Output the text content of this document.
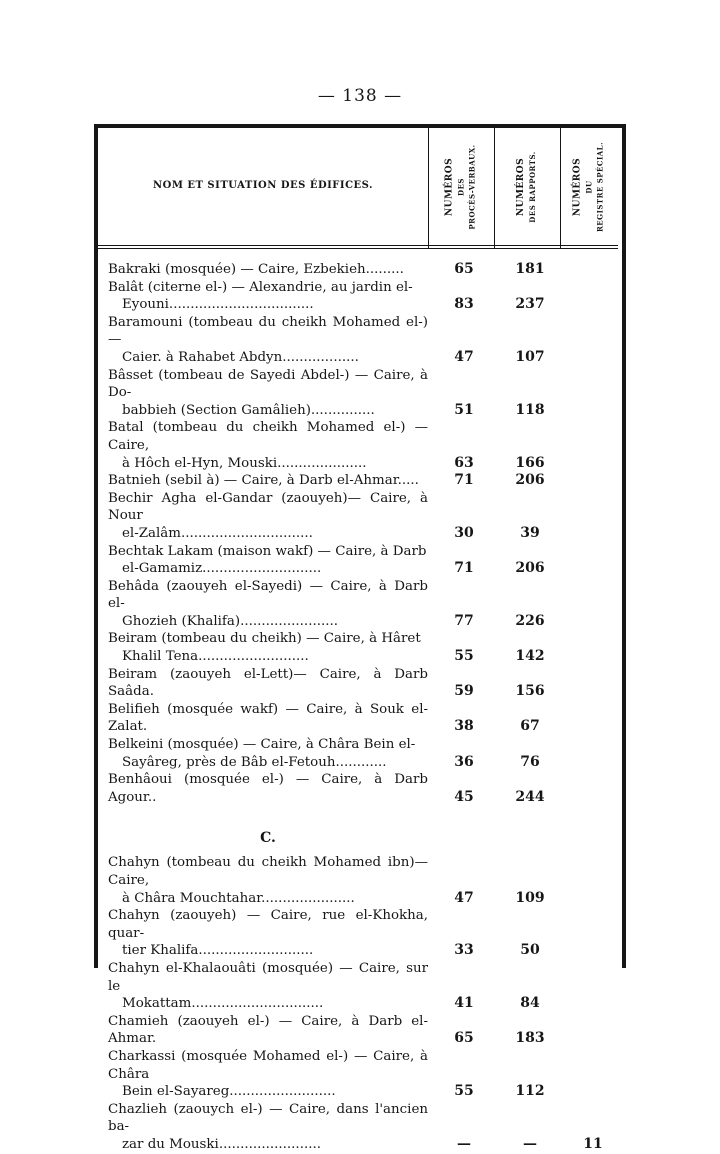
— 138 —
NOM ET SITUATION DES ÉDIFICES.	NUMÉROS DES PROCÈS-VERBAUX.	NUMÉROS DES RAPPORTS.	NUMÉROS DU REGISTRE SPÉCIAL.
Bakraki (mosquée) — Caire, Ezbekieh.........	65	181
Balât (citerne el-) — Alexandrie, au jardin el-
Eyouni..................................	83	237
Baramouni (tombeau du cheikh Mohamed el-)—
Caier. à Rahabet Abdyn..................	47	107
Bâsset (tombeau de Sayedi Abdel-) — Caire, à Do-
babbieh (Section Gamâlieh)...............	51	118
Batal (tombeau du cheikh Mohamed el-) — Caire,
à Hôch el-Hyn, Mouski.....................	63	166
Batnieh (sebil à) — Caire, à Darb el-Ahmar.....	71	206
Bechir Agha el-Gandar (zaouyeh)— Caire, à Nour
el-Zalâm...............................	30	39
Bechtak Lakam (maison wakf) — Caire, à Darb
el-Gamamiz............................	71	206
Behâda (zaouyeh el-Sayedi) — Caire, à Darb el-
Ghozieh (Khalifa).......................	77	226
Beiram (tombeau du cheikh) — Caire, à Hâret
Khalil Tena..........................	55	142
Beiram (zaouyeh el-Lett)— Caire, à Darb Saâda.	59	156
Belifieh (mosquée wakf) — Caire, à Souk el-Zalat.	38	67
Belkeini (mosquée) — Caire, à Châra Bein el-
Sayâreg, près de Bâb el-Fetouh............	36	76
Benhâoui (mosquée el-) — Caire, à Darb Agour..	45	244
C.
Chahyn (tombeau du cheikh Mohamed ibn)— Caire,
à Châra Mouchtahar......................	47	109
Chahyn (zaouyeh) — Caire, rue el-Khokha, quar-
tier Khalifa...........................	33	50
Chahyn el-Khalaouâti (mosquée) — Caire, sur le
Mokattam...............................	41	84
Chamieh (zaouyeh el-) — Caire, à Darb el-Ahmar.	65	183
Charkassi (mosquée Mohamed el-) — Caire, à Châra
Bein el-Sayareg.........................	55	112
Chazlieh (zaouych el-) — Caire, dans l'ancien ba-
zar du Mouski........................	—	—	11
